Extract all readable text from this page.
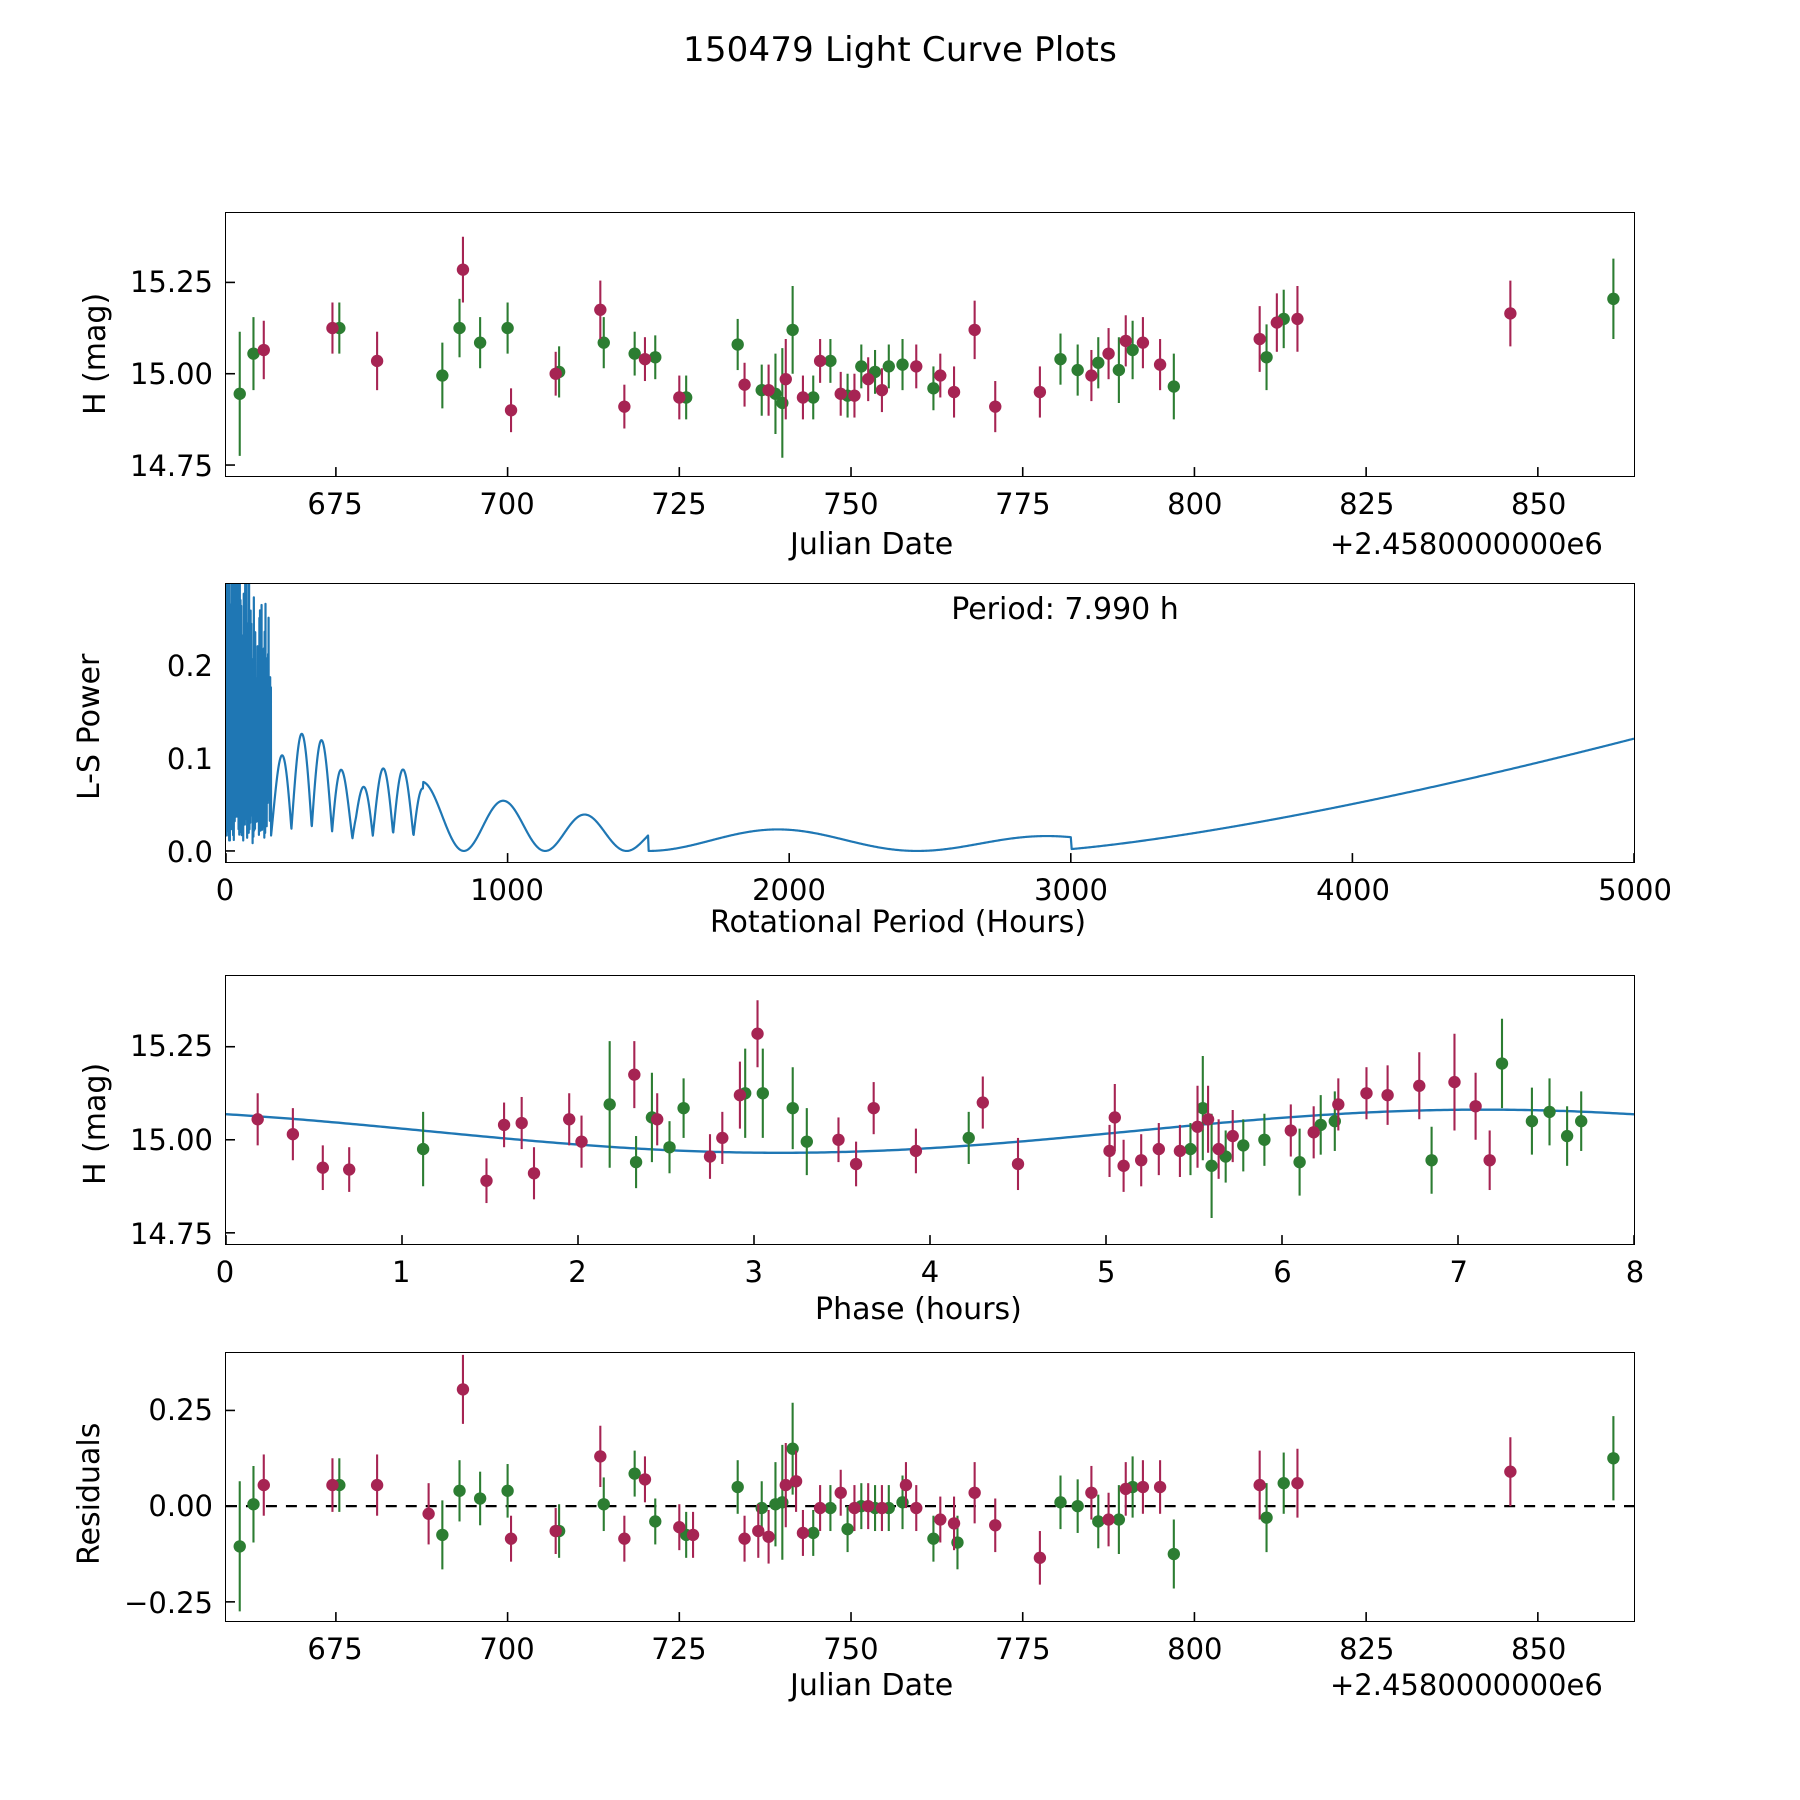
150479 Light Curve Plots
H (mag)
Julian Date	+2.4580000000e6
Period: 7.990 h
L-S Power
Rotational Period (Hours)
H (mag)
Phase (hours)
Residuals
Julian Date	+2.4580000000e6
675	700	725	750	775	800	825	850
14.75
15.00
15.25
0	1000	2000	3000	4000	5000
0.0
0.1
0.2
0	1	2	3	4	5	6	7	8
14.75
15.00
15.25
675	700	725	750	775	800	825	850
−0.25
0.00
0.25
